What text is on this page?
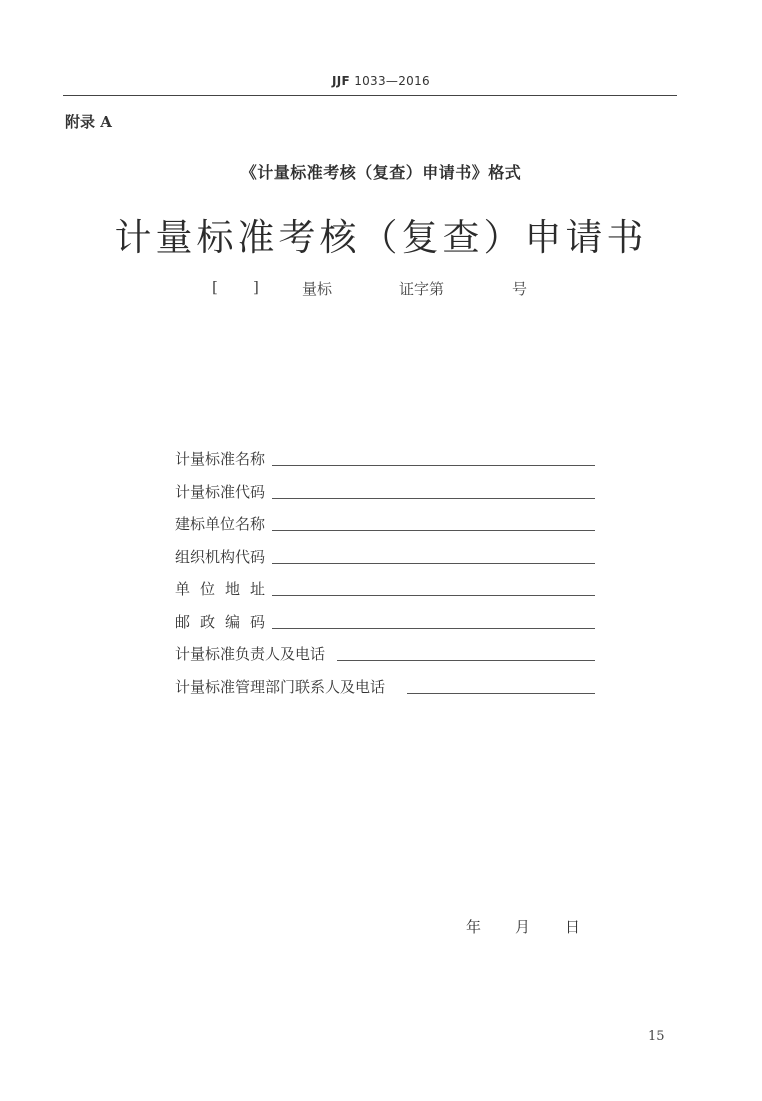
JJF 1033—2016
附录 A
《计量标准考核（复查）申请书》格式
计量标准考核（复查）申请书
[ ]	量标	证字第	号
计量标准名称
计量标准代码
建标单位名称
组织机构代码
单位地址
邮政编码
计量标准负责人及电话
计量标准管理部门联系人及电话
年 月 日
15
